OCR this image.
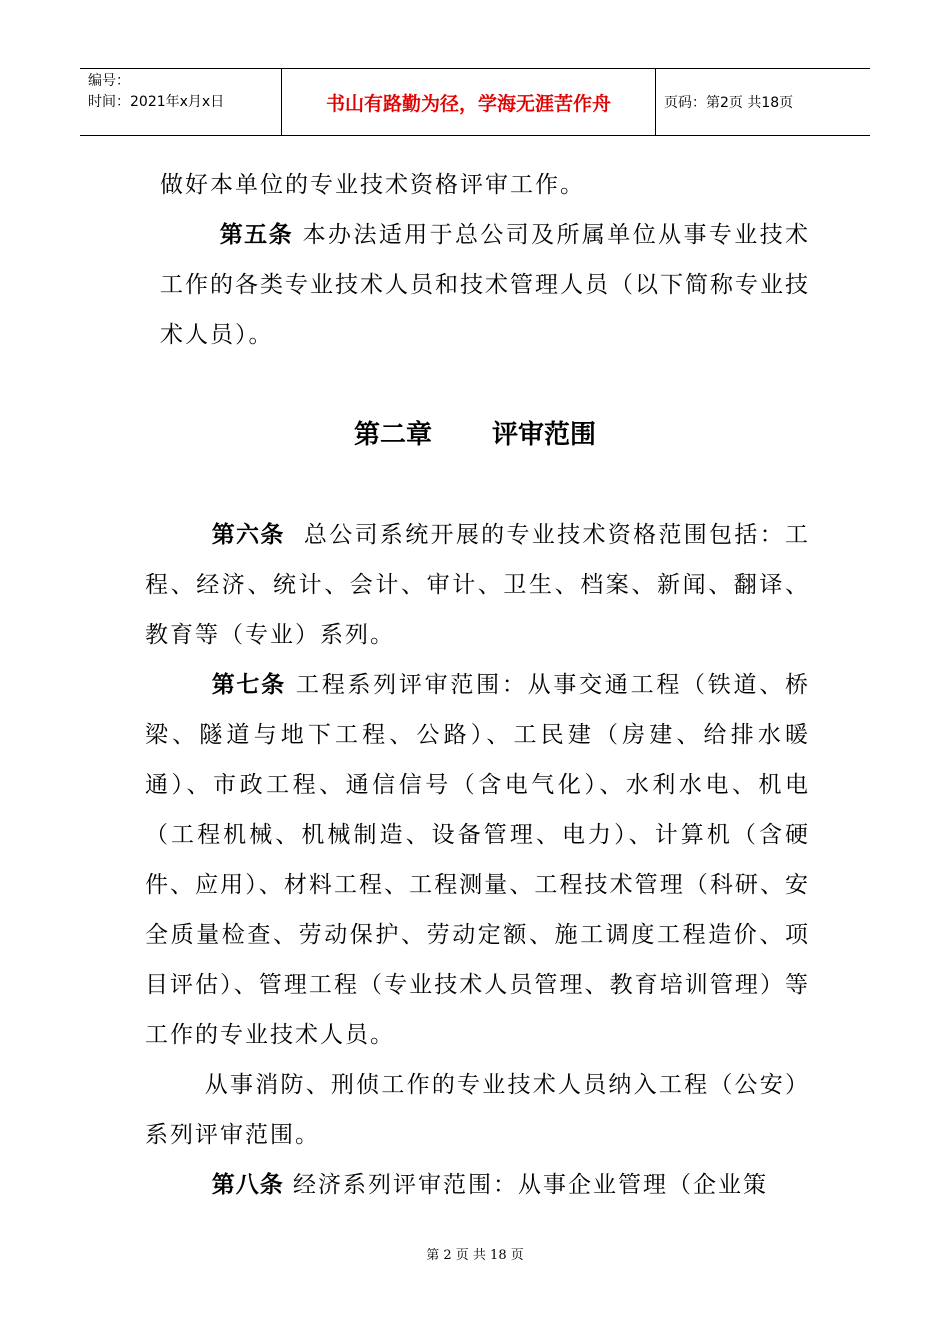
编号：
时间：2021年x月x日	书山有路勤为径，学海无涯苦作舟	页码：第2页 共18页

做好本单位的专业技术资格评审工作。

第五条 本办法适用于总公司及所属单位从事专业技术工作的各类专业技术人员和技术管理人员（以下简称专业技术人员）。

第二章 评审范围

第六条 总公司系统开展的专业技术资格范围包括：工程、经济、统计、会计、审计、卫生、档案、新闻、翻译、教育等（专业）系列。

第七条 工程系列评审范围：从事交通工程（铁道、桥梁、隧道与地下工程、公路）、工民建（房建、给排水暖通）、市政工程、通信信号（含电气化）、水利水电、机电（工程机械、机械制造、设备管理、电力）、计算机（含硬件、应用）、材料工程、工程测量、工程技术管理（科研、安全质量检查、劳动保护、劳动定额、施工调度工程造价、项目评估）、管理工程（专业技术人员管理、教育培训管理）等工作的专业技术人员。

从事消防、刑侦工作的专业技术人员纳入工程（公安）系列评审范围。

第八条 经济系列评审范围：从事企业管理（企业策

第 2 页 共 18 页
